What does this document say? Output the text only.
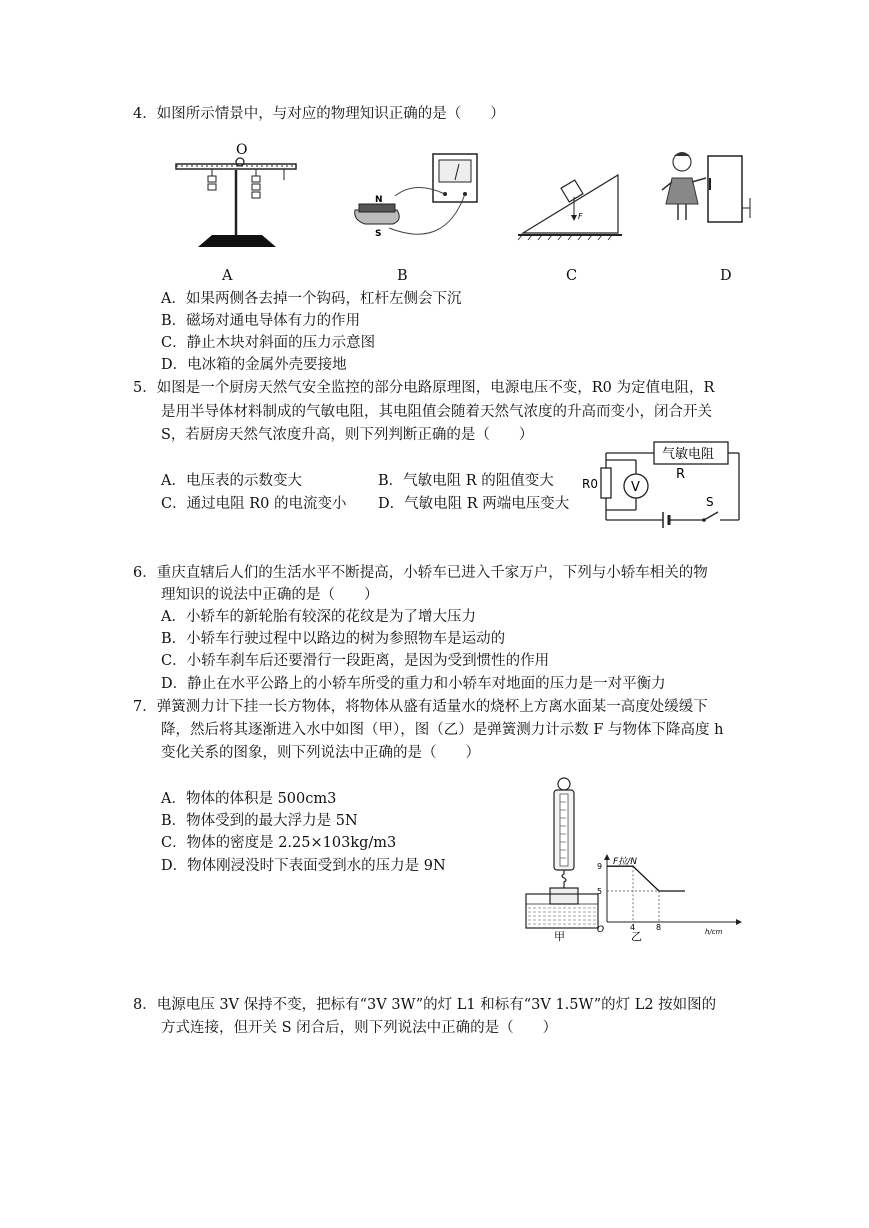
4．如图所示情景中，与对应的物理知识正确的是（　　）
O
N
S
F
A	B	C	D
A．如果两侧各去掉一个钩码，杠杆左侧会下沉
B．磁场对通电导体有力的作用
C．静止木块对斜面的压力示意图
D．电冰箱的金属外壳要接地
5．如图是一个厨房天然气安全监控的部分电路原理图，电源电压不变，R0 为定值电阻，R
是用半导体材料制成的气敏电阻，其电阻值会随着天然气浓度的升高而变小，闭合开关
S，若厨房天然气浓度升高，则下列判断正确的是（　　）
A．电压表的示数变大	B．气敏电阻 R 的阻值变大
C．通过电阻 R0 的电流变小 D．气敏电阻 R 两端电压变大
气敏电阻
R
R0
S
V
6．重庆直辖后人们的生活水平不断提高，小轿车已进入千家万户，下列与小轿车相关的物
理知识的说法中正确的是（　　）
A．小轿车的新轮胎有较深的花纹是为了增大压力
B．小轿车行驶过程中以路边的树为参照物车是运动的
C．小轿车刹车后还要滑行一段距离，是因为受到惯性的作用
D．静止在水平公路上的小轿车所受的重力和小轿车对地面的压力是一对平衡力
7．弹簧测力计下挂一长方物体，将物体从盛有适量水的烧杯上方离水面某一高度处缓缓下
降，然后将其逐渐进入水中如图（甲），图（乙）是弹簧测力计示数 F 与物体下降高度 h
变化关系的图象，则下列说法中正确的是（　　）
A．物体的体积是 500cm3
B．物体受到的最大浮力是 5N
C．物体的密度是 2.25×103kg/m3
D．物体刚浸没时下表面受到水的压力是 9N
甲
F拉/N
h/cm
O 乙
5
9
4	8
8．电源电压 3V 保持不变，把标有“3V 3W”的灯 L1 和标有“3V 1.5W”的灯 L2 按如图的
方式连接，但开关 S 闭合后，则下列说法中正确的是（　　）
